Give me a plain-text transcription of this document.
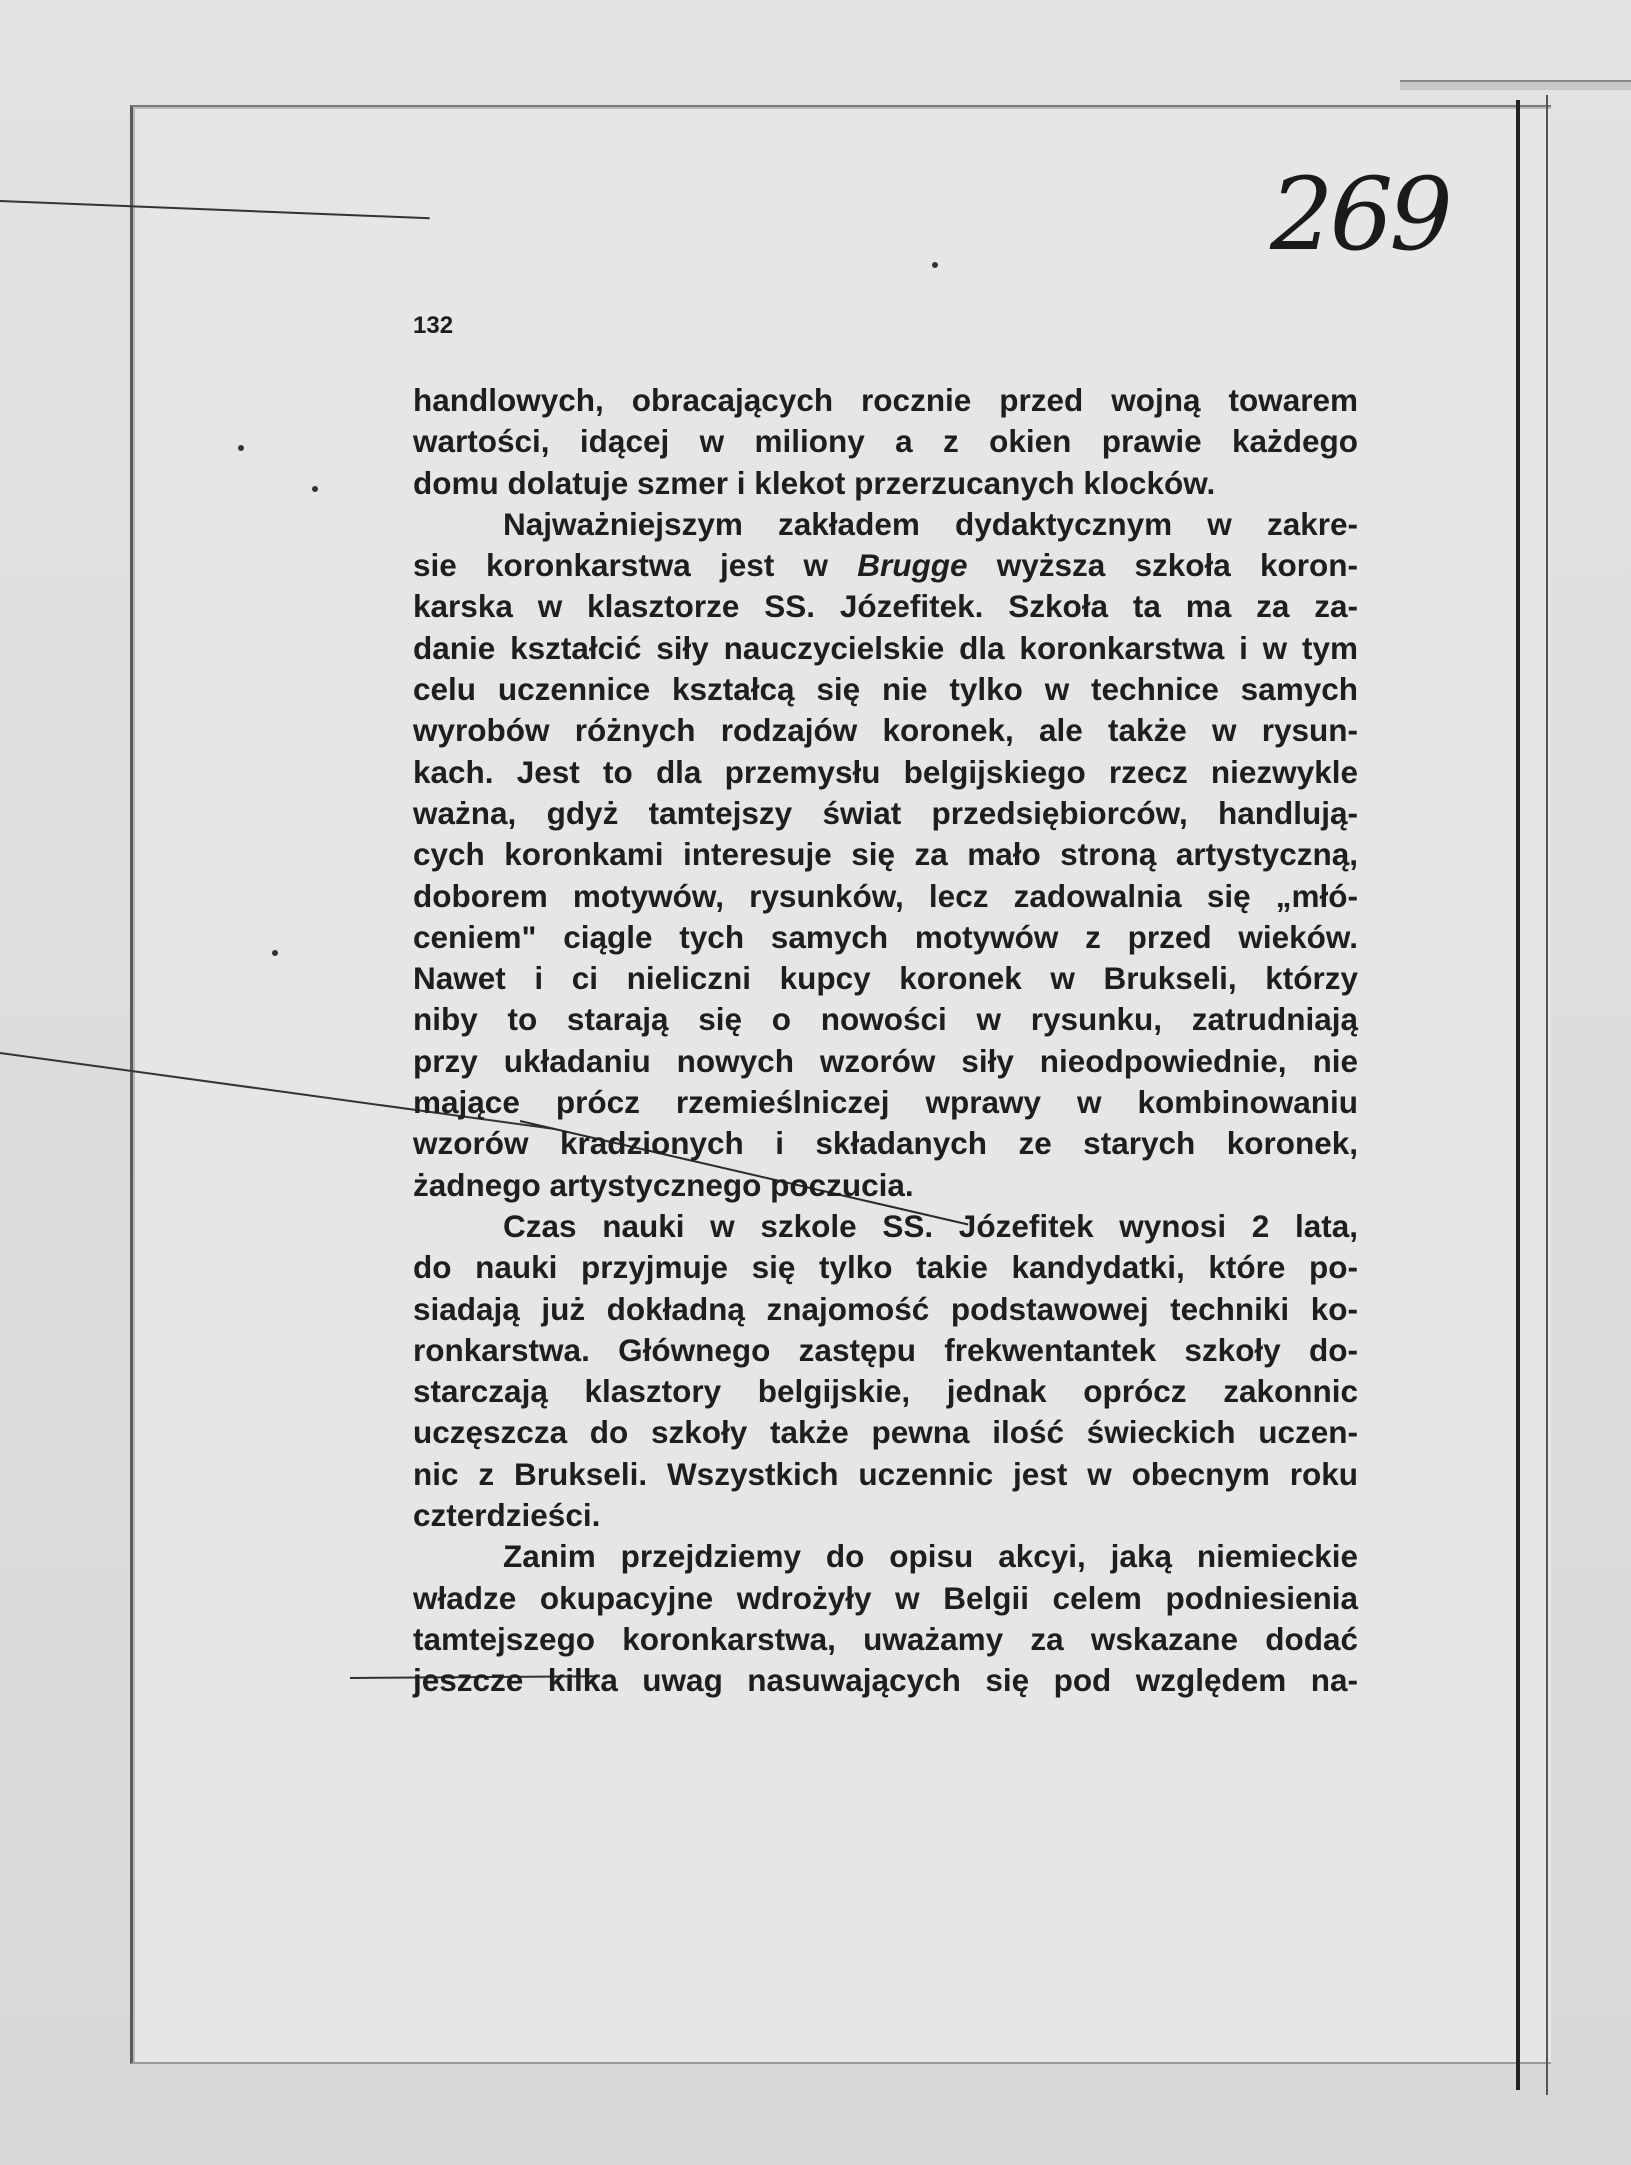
269
132
handlowych, obracających rocznie przed wojną towarem
wartości, idącej w miliony a z okien prawie każdego
domu dolatuje szmer i klekot przerzucanych klocków.
Najważniejszym zakładem dydaktycznym w zakre-
sie koronkarstwa jest w Brugge wyższa szkoła koron-
karska w klasztorze SS. Józefitek. Szkoła ta ma za za-
danie kształcić siły nauczycielskie dla koronkarstwa i w tym
celu uczennice kształcą się nie tylko w technice samych
wyrobów różnych rodzajów koronek, ale także w rysun-
kach. Jest to dla przemysłu belgijskiego rzecz niezwykle
ważna, gdyż tamtejszy świat przedsiębiorców, handlują-
cych koronkami interesuje się za mało stroną artystyczną,
doborem motywów, rysunków, lecz zadowalnia się „młó-
ceniem" ciągle tych samych motywów z przed wieków.
Nawet i ci nieliczni kupcy koronek w Brukseli, którzy
niby to starają się o nowości w rysunku, zatrudniają
przy układaniu nowych wzorów siły nieodpowiednie, nie
mające prócz rzemieślniczej wprawy w kombinowaniu
wzorów kradzionych i składanych ze starych koronek,
żadnego artystycznego poczucia.
Czas nauki w szkole SS. Józefitek wynosi 2 lata,
do nauki przyjmuje się tylko takie kandydatki, które po-
siadają już dokładną znajomość podstawowej techniki ko-
ronkarstwa. Głównego zastępu frekwentantek szkoły do-
starczają klasztory belgijskie, jednak oprócz zakonnic
uczęszcza do szkoły także pewna ilość świeckich uczen-
nic z Brukseli. Wszystkich uczennic jest w obecnym roku
czterdzieści.
Zanim przejdziemy do opisu akcyi, jaką niemieckie
władze okupacyjne wdrożyły w Belgii celem podniesienia
tamtejszego koronkarstwa, uważamy za wskazane dodać
jeszcze kilka uwag nasuwających się pod względem na-
